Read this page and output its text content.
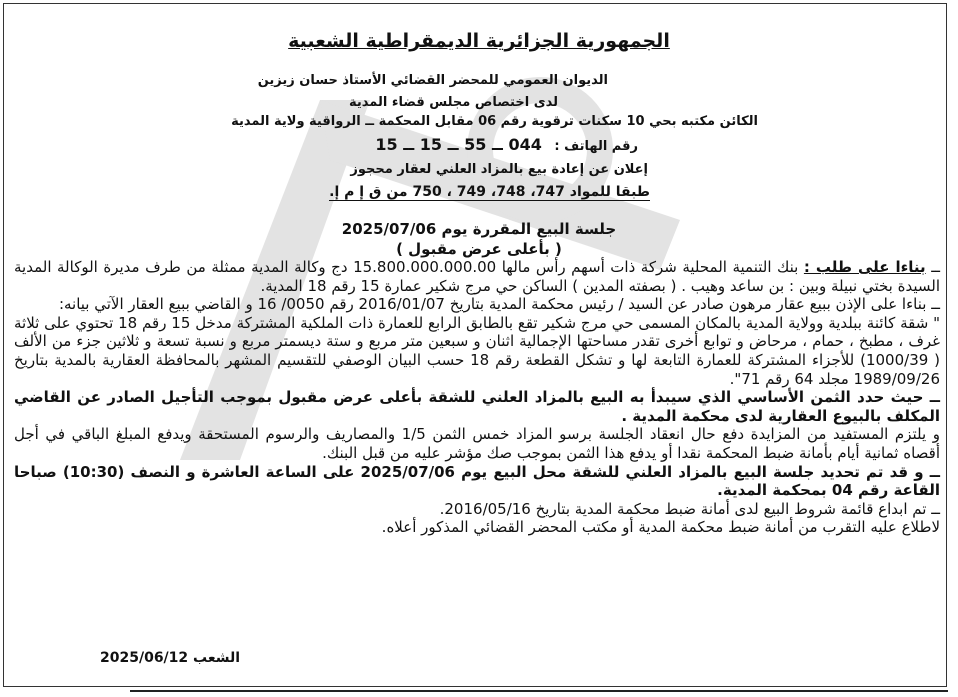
الجمهورية الجزائرية الديمقراطية الشعبية
الديوان العمومي للمحضر القضائي الأستاذ حسان زيزين
لدى اختصاص مجلس قضاء المدية
الكائن مكتبه بحي 10 سكنات ترقوية رقم 06 مقابل المحكمة ــ الرواقية ولاية المدية
رقم الهاتف : 044 ــ 55 ــ 15 ــ 15
إعلان عن إعادة بيع بالمزاد العلني لعقار محجوز
طبقا للمواد 747، 748، 749 ، 750 من ق إ م إ.
جلسة البيع المقررة يوم 2025/07/06
( بأعلى عرض مقبول )

ــ بناءا على طلب : بنك التنمية المحلية شركة ذات أسهم رأس مالها 15.800.000.000.00 دج وكالة المدية ممثلة من طرف مديرة الوكالة المدية السيدة بختي نبيلة وبين : بن ساعد وهيب . ( بصفته المدين ) الساكن حي مرج شكير عمارة 15 رقم 18 المدية.

ــ بناءا على الإذن ببيع عقار مرهون صادر عن السيد / رئيس محكمة المدية بتاريخ 2016/01/07 رقم 0050/ 16 و القاضي ببيع العقار الآتي بيانه:

" شقة كائنة ببلدية وولاية المدية بالمكان المسمى حي مرج شكير تقع بالطابق الرابع للعمارة ذات الملكية المشتركة مدخل 15 رقم 18 تحتوي على ثلاثة غرف ، مطبخ ، حمام ، مرحاض و توابع أخرى تقدر مساحتها الإجمالية اثنان و سبعين متر مربع و ستة ديسمتر مربع و نسبة تسعة و ثلاثين جزء من الألف ( 1000/39) للأجزاء المشتركة للعمارة التابعة لها و تشكل القطعة رقم 18 حسب البيان الوصفي للتقسيم المشهر بالمحافظة العقارية بالمدية بتاريخ 1989/09/26 مجلد 64 رقم 71".

ــ حيث حدد الثمن الأساسي الذي سيبدأ به البيع بالمزاد العلني للشقة بأعلى عرض مقبول بموجب التأجيل الصادر عن القاضي المكلف بالبيوع العقارية لدى محكمة المدية .

و يلتزم المستفيد من المزايدة دفع حال انعقاد الجلسة برسو المزاد خمس الثمن 1/5 والمصاريف والرسوم المستحقة ويدفع المبلغ الباقي في أجل أقصاه ثمانية أيام بأمانة ضبط المحكمة نقدا أو يدفع هذا الثمن بموجب صك مؤشر عليه من قبل البنك.

ــ و قد تم تحديد جلسة البيع بالمزاد العلني للشقة محل البيع يوم 2025/07/06 على الساعة العاشرة و النصف (10:30) صباحا القاعة رقم 04 بمحكمة المدية.

ــ تم ابداع قائمة شروط البيع لدى أمانة ضبط محكمة المدية بتاريخ 2016/05/16.

لاطلاع عليه التقرب من أمانة ضبط محكمة المدية أو مكتب المحضر القضائي المذكور أعلاه.

الشعب 2025/06/12
